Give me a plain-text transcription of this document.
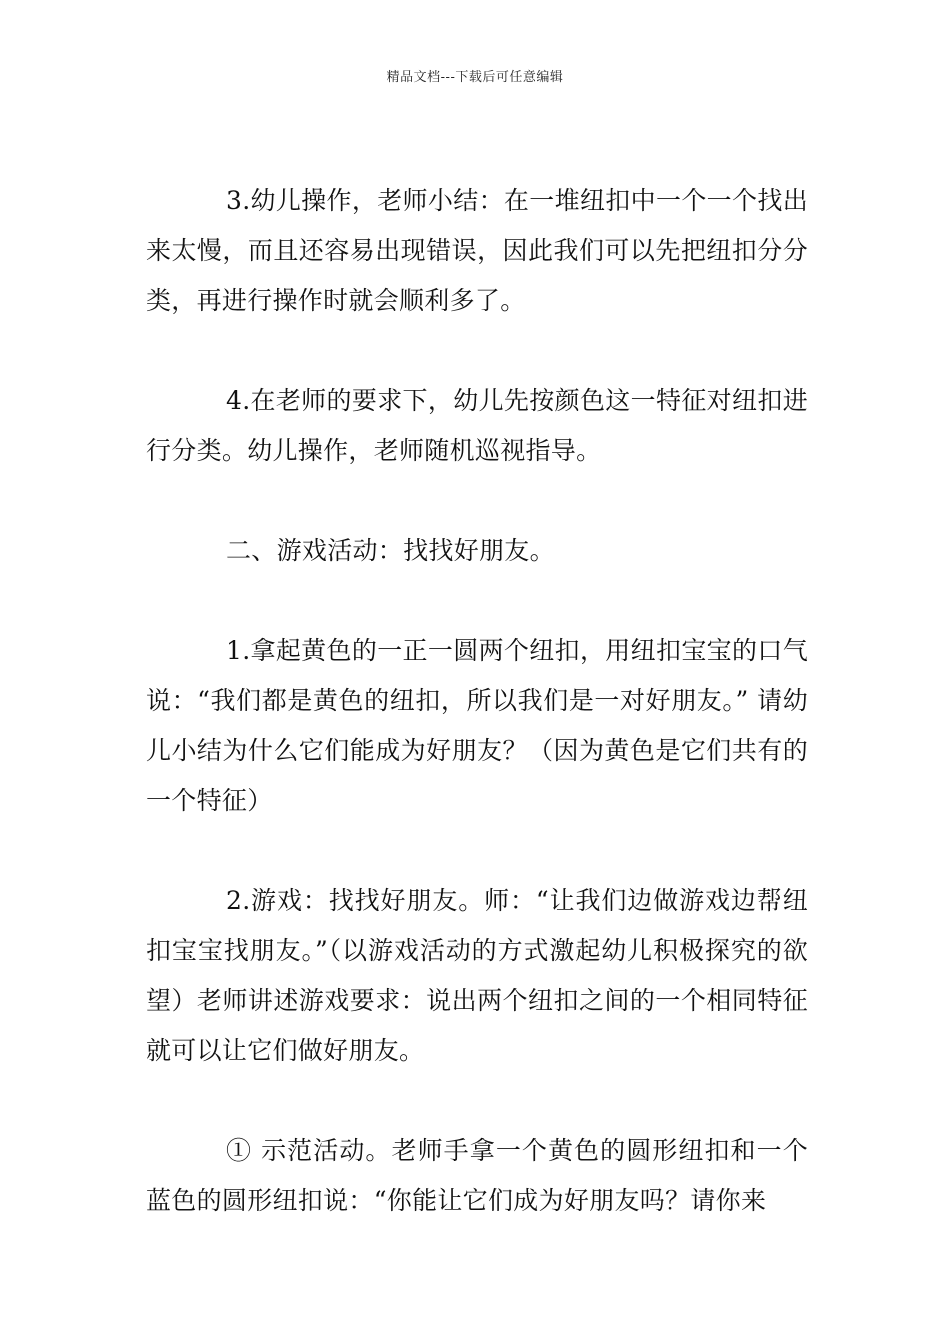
精品文档---下载后可任意编辑

3.幼儿操作，老师小结：在一堆纽扣中一个一个找出来太慢，而且还容易出现错误，因此我们可以先把纽扣分分类，再进行操作时就会顺利多了。

4.在老师的要求下，幼儿先按颜色这一特征对纽扣进行分类。幼儿操作，老师随机巡视指导。

二、游戏活动：找找好朋友。

1.拿起黄色的一正一圆两个纽扣，用纽扣宝宝的口气说：“我们都是黄色的纽扣，所以我们是一对好朋友。” 请幼儿小结为什么它们能成为好朋友？（因为黄色是它们共有的一个特征）

2.游戏：找找好朋友。师：“让我们边做游戏边帮纽扣宝宝找朋友。”（以游戏活动的方式激起幼儿积极探究的欲望）老师讲述游戏要求：说出两个纽扣之间的一个相同特征就可以让它们做好朋友。

① 示范活动。老师手拿一个黄色的圆形纽扣和一个蓝色的圆形纽扣说：“你能让它们成为好朋友吗？请你来
